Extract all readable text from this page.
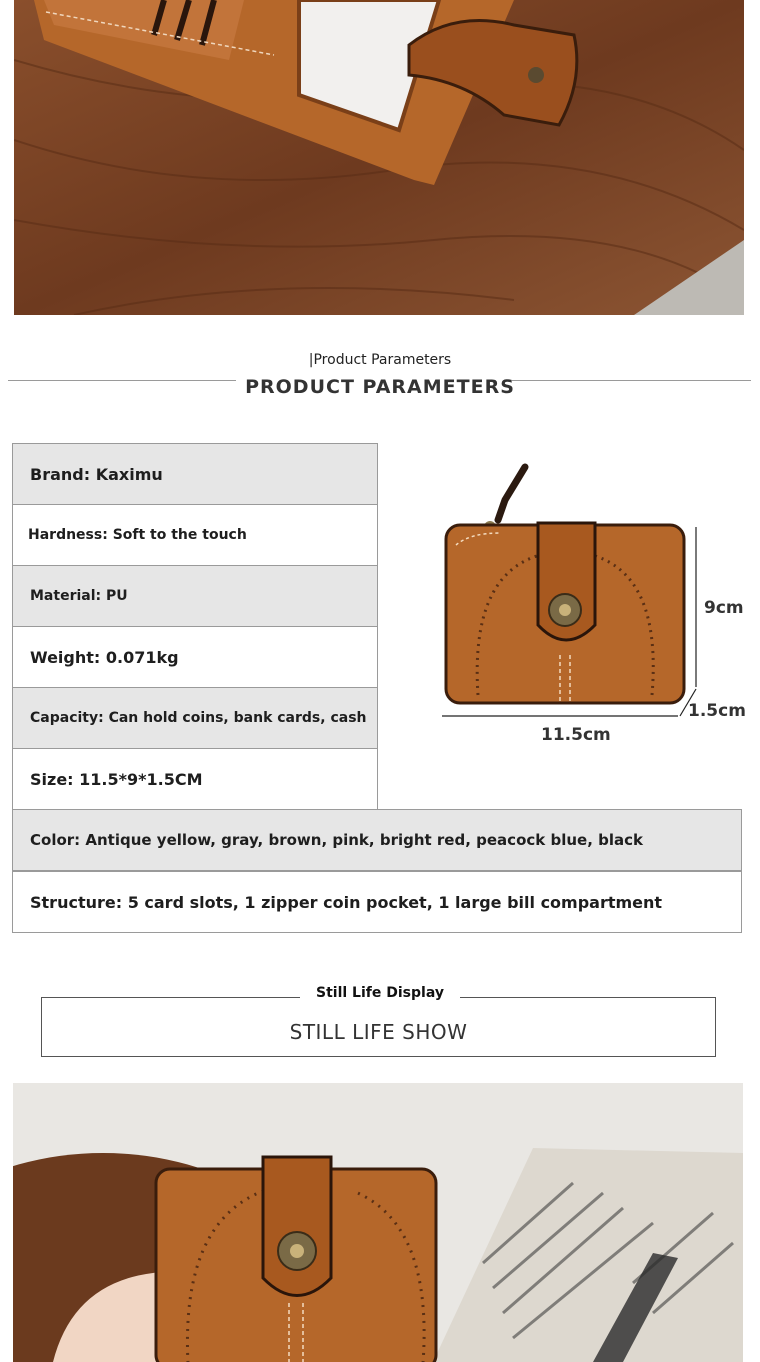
|Product Parameters
PRODUCT PARAMETERS
Brand: Kaximu
Hardness: Soft to the touch
Material: PU
Weight: 0.071kg
Capacity: Can hold coins, bank cards, cash
Size: 11.5*9*1.5CM
Color: Antique yellow, gray, brown, pink, bright red, peacock blue, black
Structure: 5 card slots, 1 zipper coin pocket, 1 large bill compartment
9cm
1.5cm
11.5cm
Still Life Display
STILL LIFE SHOW
